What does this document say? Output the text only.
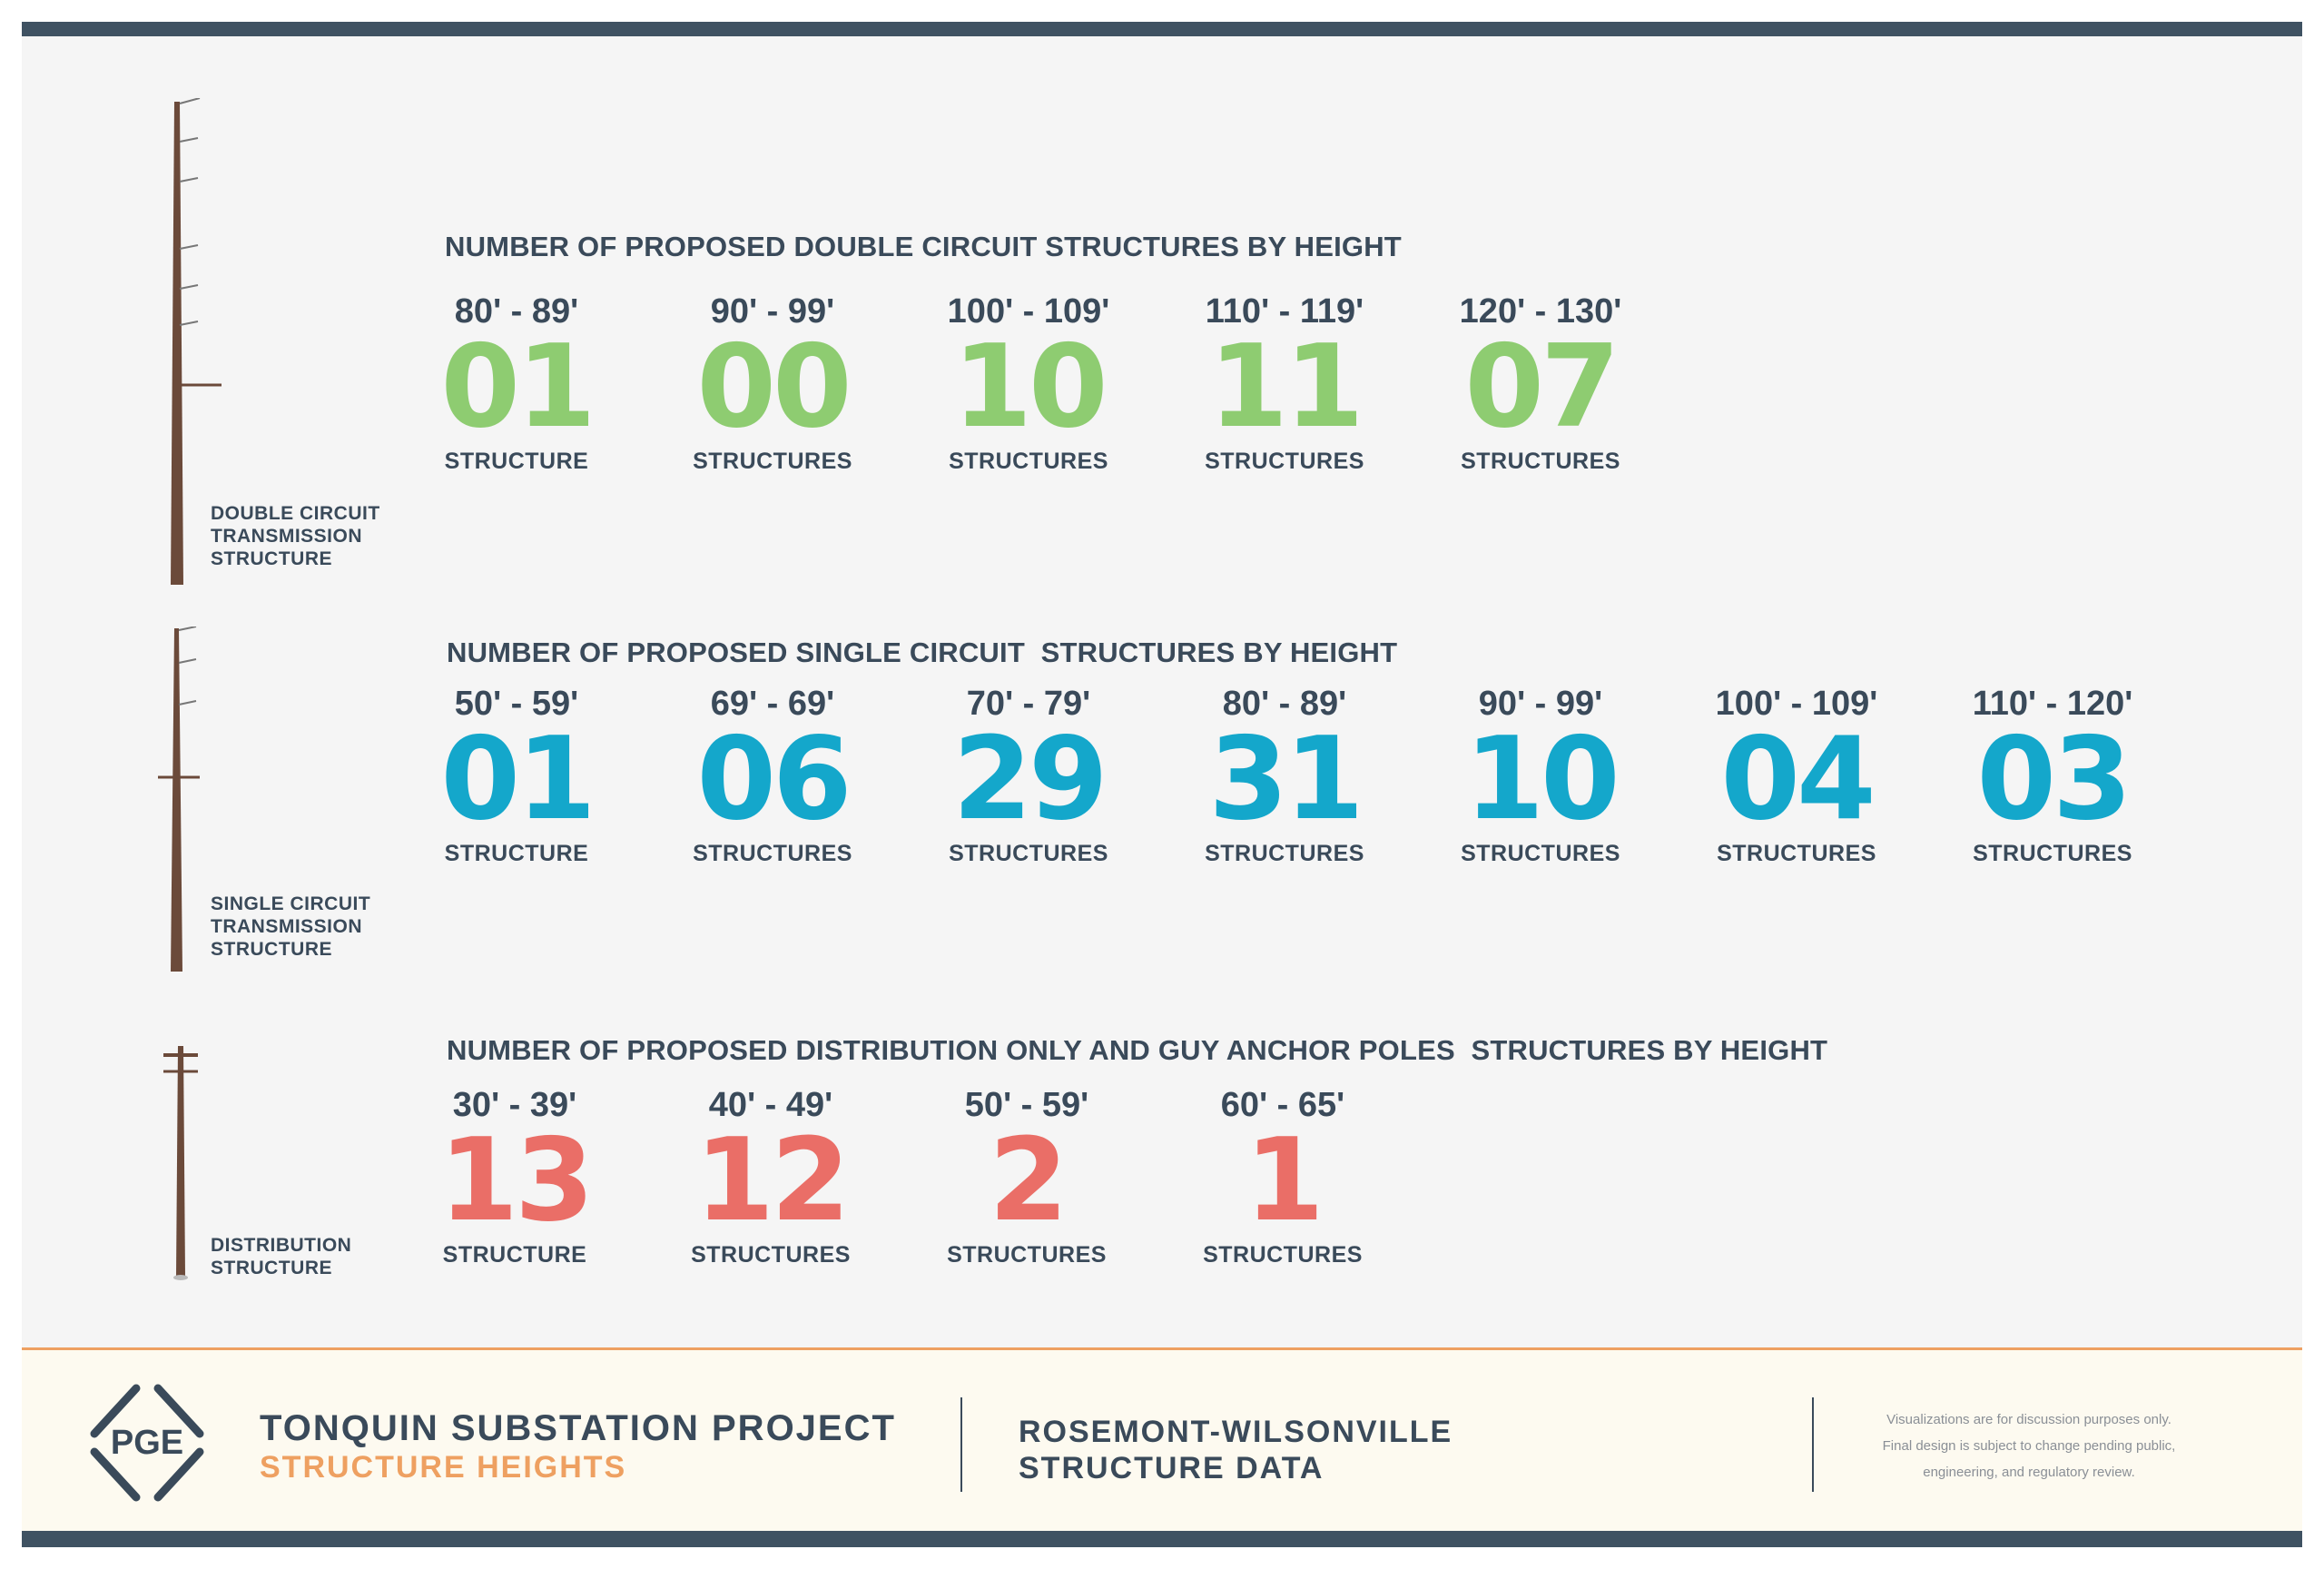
DOUBLE CIRCUIT
TRANSMISSION
STRUCTURE
SINGLE CIRCUIT
TRANSMISSION
STRUCTURE
DISTRIBUTION
STRUCTURE
NUMBER OF PROPOSED DOUBLE CIRCUIT STRUCTURES BY HEIGHT
NUMBER OF PROPOSED SINGLE CIRCUIT  STRUCTURES BY HEIGHT
NUMBER OF PROPOSED DISTRIBUTION ONLY AND GUY ANCHOR POLES  STRUCTURES BY HEIGHT
80' - 89'
01
STRUCTURE
90' - 99'
00
STRUCTURES
100' - 109'
10
STRUCTURES
110' - 119'
11
STRUCTURES
120' - 130'
07
STRUCTURES
50' - 59'
01
STRUCTURE
69' - 69'
06
STRUCTURES
70' - 79'
29
STRUCTURES
80' - 89'
31
STRUCTURES
90' - 99'
10
STRUCTURES
100' - 109'
04
STRUCTURES
110' - 120'
03
STRUCTURES
30' - 39'
13
STRUCTURE
40' - 49'
12
STRUCTURES
50' - 59'
2
STRUCTURES
60' - 65'
1
STRUCTURES
PGE TONQUIN SUBSTATION PROJECT
STRUCTURE HEIGHTS
ROSEMONT-WILSONVILLE
STRUCTURE DATA
Visualizations are for discussion purposes only.
Final design is subject to change pending public,
engineering, and regulatory review.
